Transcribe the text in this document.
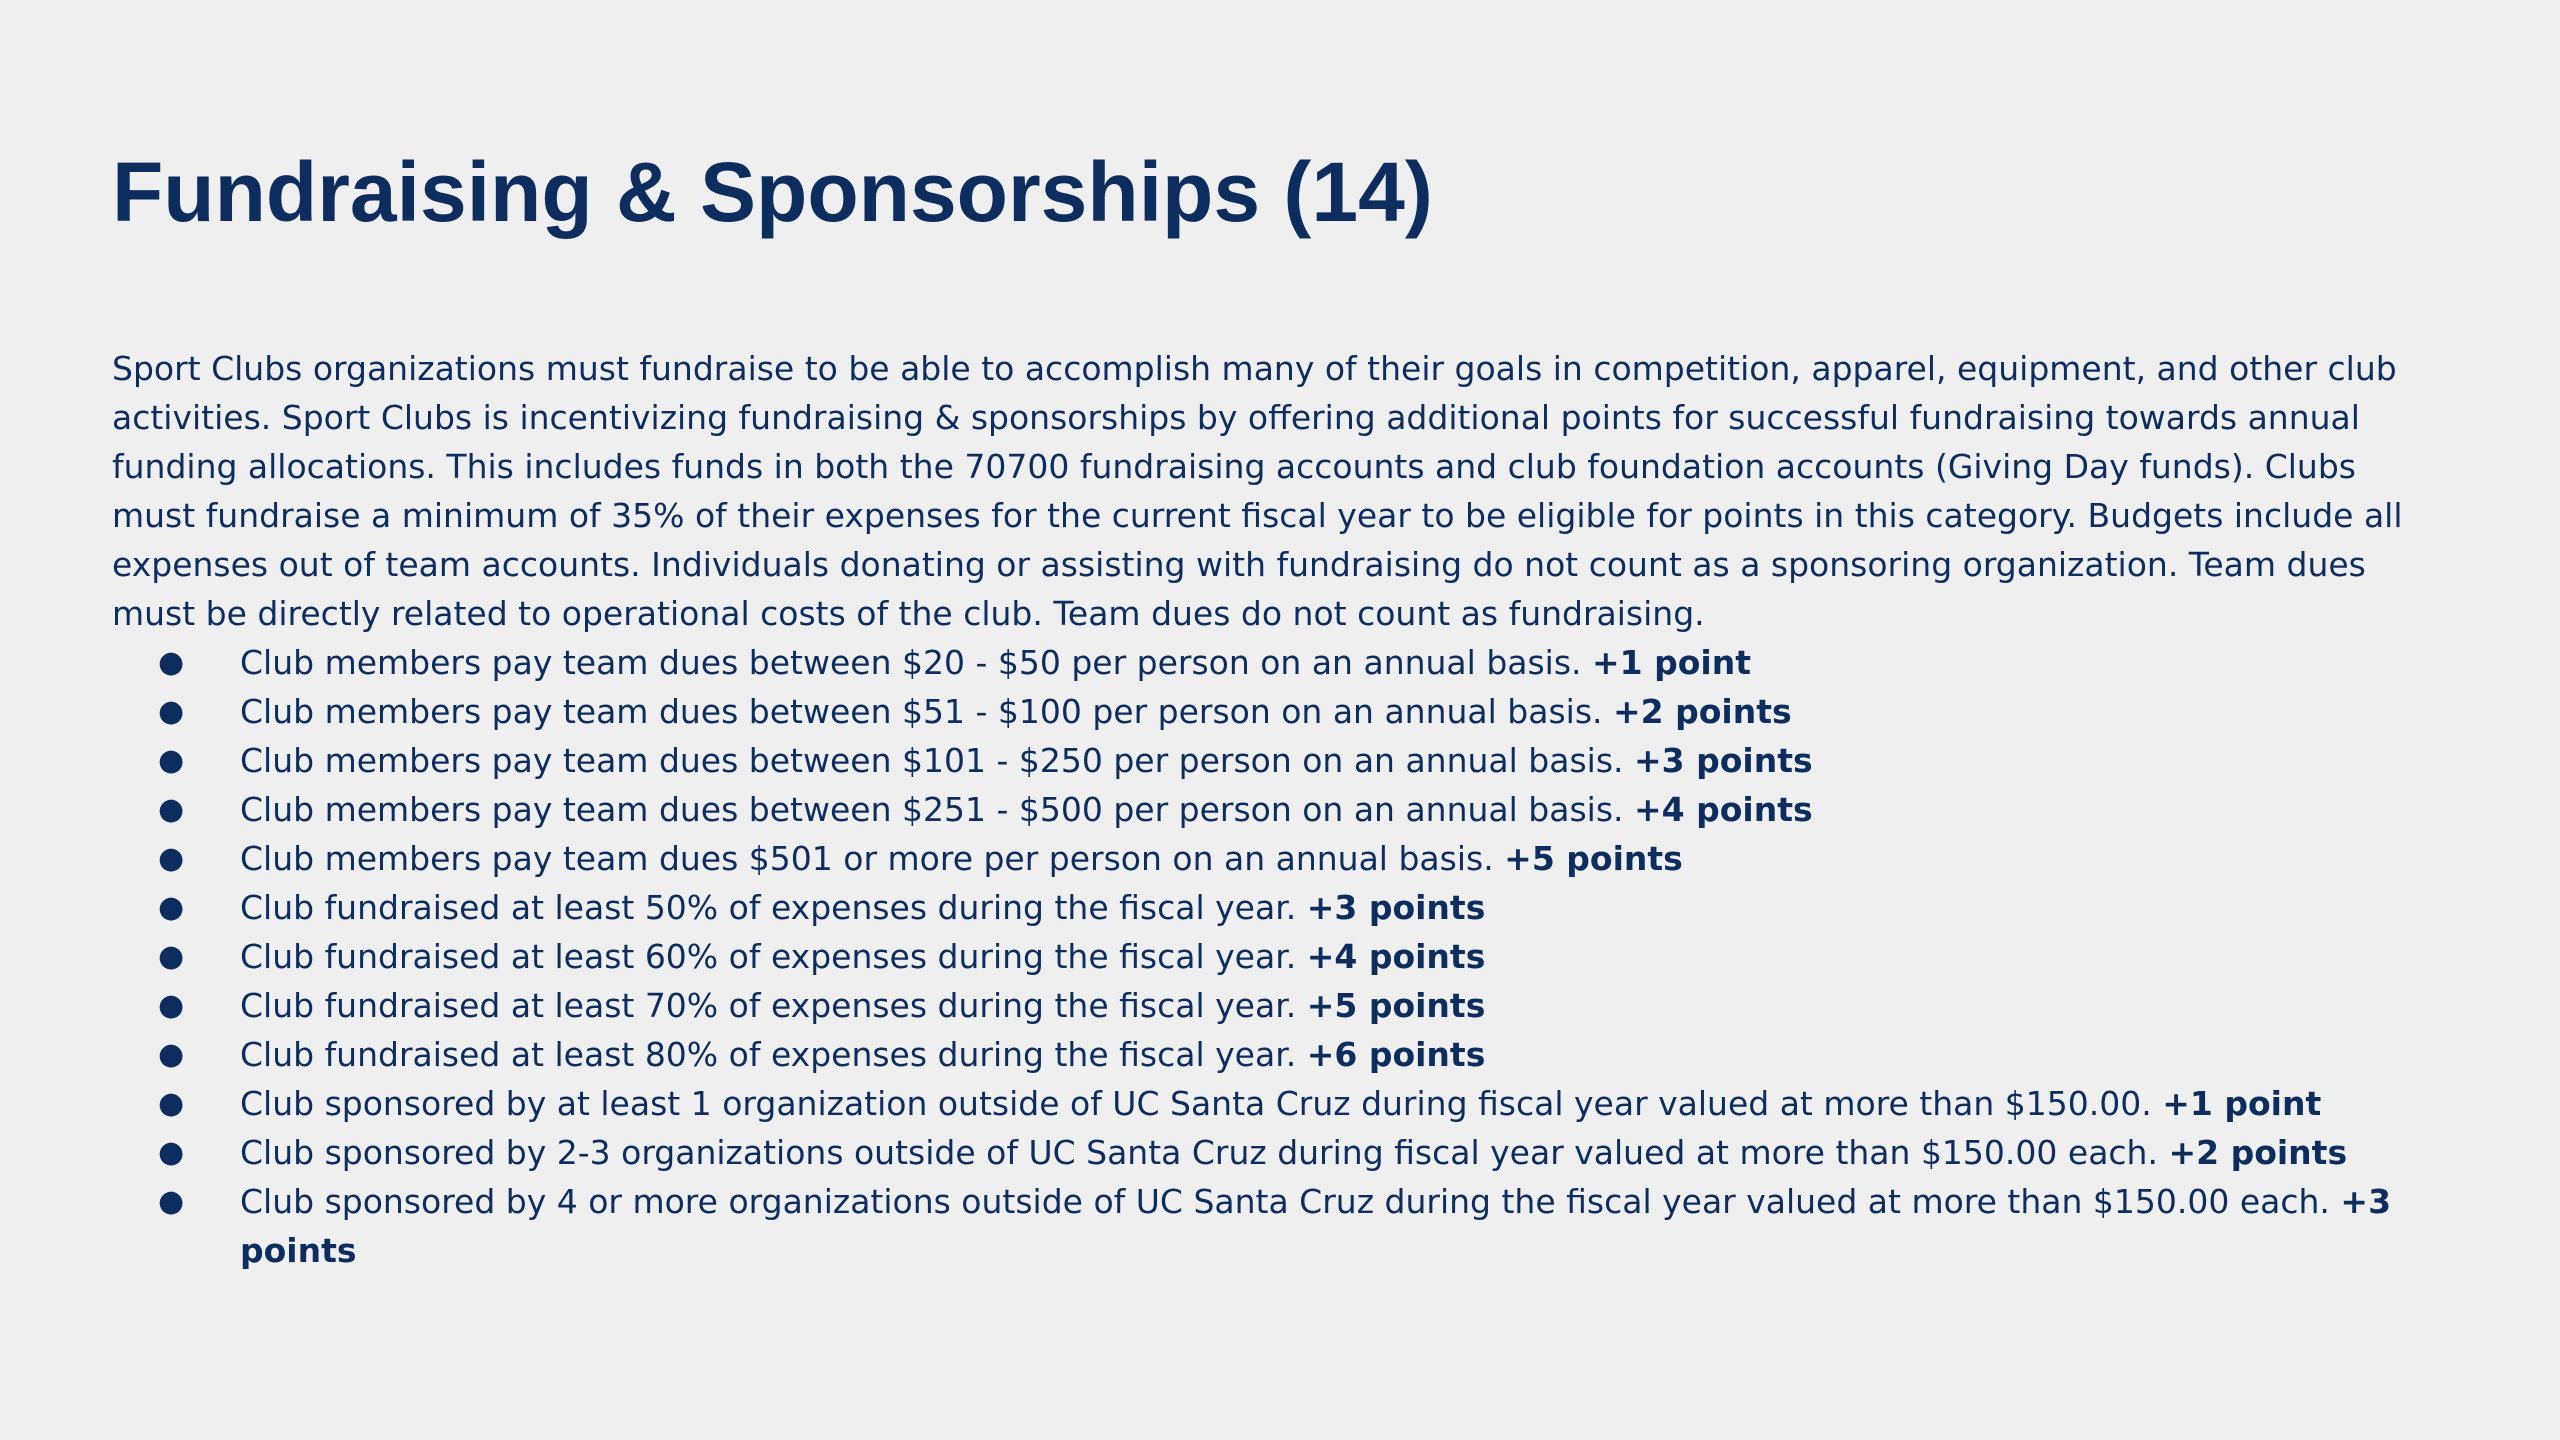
Fundraising & Sponsorships (14)

Sport Clubs organizations must fundraise to be able to accomplish many of their goals in competition, apparel, equipment, and other club activities. Sport Clubs is incentivizing fundraising & sponsorships by offering additional points for successful fundraising towards annual funding allocations. This includes funds in both the 70700 fundraising accounts and club foundation accounts (Giving Day funds). Clubs must fundraise a minimum of 35% of their expenses for the current fiscal year to be eligible for points in this category. Budgets include all expenses out of team accounts. Individuals donating or assisting with fundraising do not count as a sponsoring organization. Team dues must be directly related to operational costs of the club. Team dues do not count as fundraising.

● Club members pay team dues between $20 - $50 per person on an annual basis. +1 point
● Club members pay team dues between $51 - $100 per person on an annual basis. +2 points
● Club members pay team dues between $101 - $250 per person on an annual basis. +3 points
● Club members pay team dues between $251 - $500 per person on an annual basis. +4 points
● Club members pay team dues $501 or more per person on an annual basis. +5 points
● Club fundraised at least 50% of expenses during the fiscal year. +3 points
● Club fundraised at least 60% of expenses during the fiscal year. +4 points
● Club fundraised at least 70% of expenses during the fiscal year. +5 points
● Club fundraised at least 80% of expenses during the fiscal year. +6 points
● Club sponsored by at least 1 organization outside of UC Santa Cruz during fiscal year valued at more than $150.00. +1 point
● Club sponsored by 2-3 organizations outside of UC Santa Cruz during fiscal year valued at more than $150.00 each. +2 points
● Club sponsored by 4 or more organizations outside of UC Santa Cruz during the fiscal year valued at more than $150.00 each. +3 points
